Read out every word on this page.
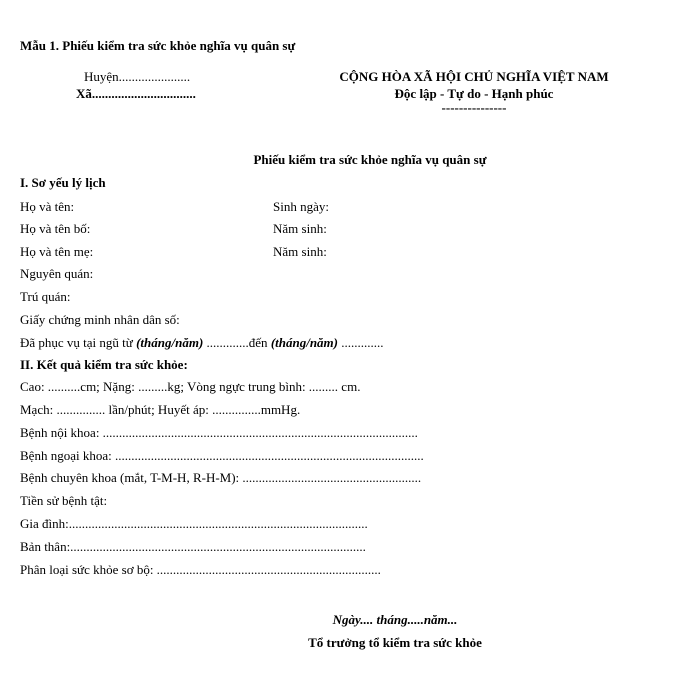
Mẫu 1. Phiếu kiểm tra sức khỏe nghĩa vụ quân sự
Huyện......................
Xã................................
CỘNG HÒA XÃ HỘI CHỦ NGHĨA VIỆT NAM
Độc lập - Tự do - Hạnh phúc
---------------
Phiếu kiểm tra sức khỏe nghĩa vụ quân sự
I. Sơ yếu lý lịch
Họ và tên:	Sinh ngày:
Họ và tên bố:	Năm sinh:
Họ và tên mẹ:	Năm sinh:
Nguyên quán:
Trú quán:
Giấy chứng minh nhân dân số:
Đã phục vụ tại ngũ từ (tháng/năm) .............đến (tháng/năm) .............
II. Kết quả kiểm tra sức khỏe:
Cao: ..........cm; Nặng: .........kg; Vòng ngực trung bình: ......... cm.
Mạch: ............... lần/phút; Huyết áp: ...............mmHg.
Bệnh nội khoa: .................................................................................................
Bệnh ngoại khoa: ...............................................................................................
Bệnh chuyên khoa (mắt, T-M-H, R-H-M): .......................................................
Tiền sử bệnh tật:
Gia đình:............................................................................................
Bản thân:...........................................................................................
Phân loại sức khỏe sơ bộ: .....................................................................
Ngày.... tháng.....năm...
Tổ trưởng tổ kiểm tra sức khỏe
